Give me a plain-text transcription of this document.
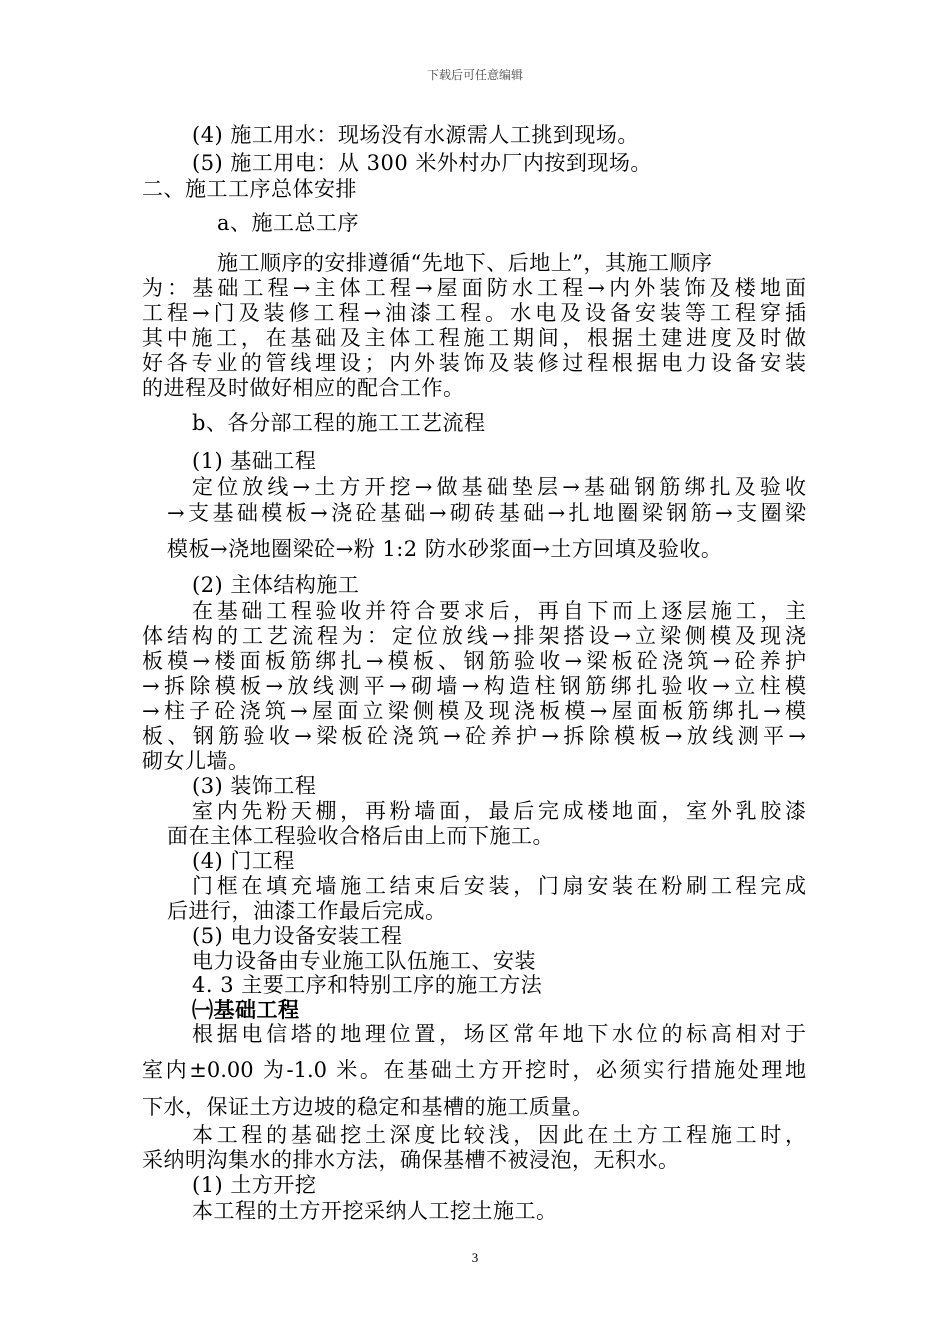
下载后可任意编辑
(4) 施工用水：现场没有水源需人工挑到现场。
(5) 施工用电：从 300 米外村办厂内按到现场。
二、施工工序总体安排
a、施工总工序
施工顺序的安排遵循“先地下、后地上”，其施工顺序
为：基础工程→主体工程→屋面防水工程→内外装饰及楼地面
工程→门及装修工程→油漆工程。水电及设备安装等工程穿插
其中施工，在基础及主体工程施工期间，根据土建进度及时做
好各专业的管线埋设；内外装饰及装修过程根据电力设备安装
的进程及时做好相应的配合工作。
b、各分部工程的施工工艺流程
(1) 基础工程
定位放线→土方开挖→做基础垫层→基础钢筋绑扎及验收
→支基础模板→浇砼基础→砌砖基础→扎地圈梁钢筋→支圈梁
模板→浇地圈梁砼→粉 1:2 防水砂浆面→土方回填及验收。
(2) 主体结构施工
在基础工程验收并符合要求后，再自下而上逐层施工，主
体结构的工艺流程为：定位放线→排架搭设→立梁侧模及现浇
板模→楼面板筋绑扎→模板、钢筋验收→梁板砼浇筑→砼养护
→拆除模板→放线测平→砌墙→构造柱钢筋绑扎验收→立柱模
→柱子砼浇筑→屋面立梁侧模及现浇板模→屋面板筋绑扎→模
板、钢筋验收→梁板砼浇筑→砼养护→拆除模板→放线测平→
砌女儿墙。
(3) 装饰工程
室内先粉天棚，再粉墙面，最后完成楼地面，室外乳胶漆
面在主体工程验收合格后由上而下施工。
(4) 门工程
门框在填充墙施工结束后安装，门扇安装在粉刷工程完成
后进行，油漆工作最后完成。
(5) 电力设备安装工程
电力设备由专业施工队伍施工、安装
4. 3 主要工序和特别工序的施工方法
㈠基础工程
根据电信塔的地理位置，场区常年地下水位的标高相对于
室内±0.00 为-1.0 米。在基础土方开挖时，必须实行措施处理地
下水，保证土方边坡的稳定和基槽的施工质量。
本工程的基础挖土深度比较浅，因此在土方工程施工时，
采纳明沟集水的排水方法，确保基槽不被浸泡，无积水。
(1) 土方开挖
本工程的土方开挖采纳人工挖土施工。
3
